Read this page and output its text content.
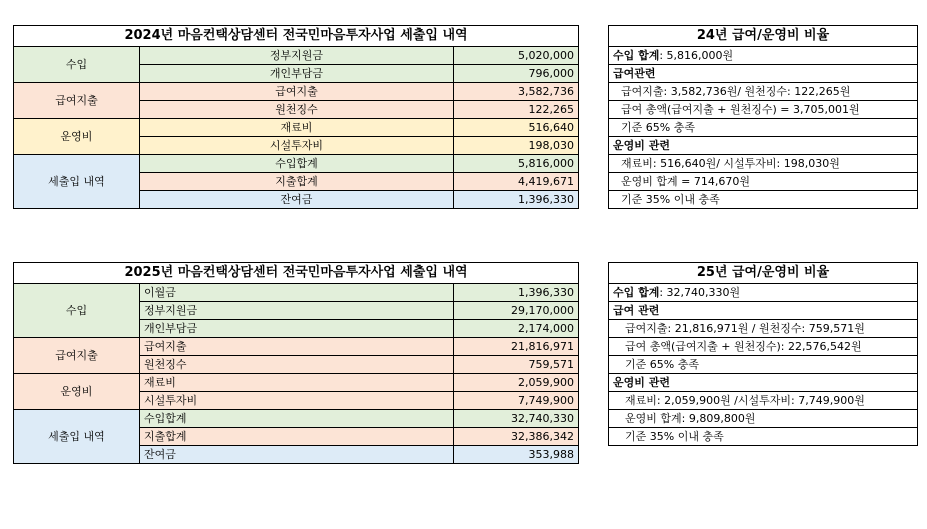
2024년 마음컨택상담센터 전국민마음투자사업 세출입 내역		
수입	정부지원금	5,020,000
	개인부담금	796,000
급여지출	급여지출	3,582,736
	원천징수	122,265
운영비	재료비	516,640
	시설투자비	198,030
세출입 내역	수입합계	5,816,000
	지출합계	4,419,671
	잔여금	1,396,330
24년 급여/운영비 비율
수입 합계: 5,816,000원
급여관련
급여지출: 3,582,736원/ 원천징수: 122,265원
급여 총액(급여지출 + 원천징수) = 3,705,001원
기준 65% 충족
운영비 관련
재료비: 516,640원/ 시설투자비: 198,030원
운영비 합계 = 714,670원
기준 35% 이내 충족
2025년 마음컨택상담센터 전국민마음투자사업 세출입 내역		
수입	이월금	1,396,330
	정부지원금	29,170,000
	개인부담금	2,174,000
급여지출	급여지출	21,816,971
	원천징수	759,571
운영비	재료비	2,059,900
	시설투자비	7,749,900
세출입 내역	수입합계	32,740,330
	지출합계	32,386,342
	잔여금	353,988
25년 급여/운영비 비율
수입 합계: 32,740,330원
급여 관련
급여지출: 21,816,971원 / 원천징수: 759,571원
급여 총액(급여지출 + 원천징수): 22,576,542원
기준 65% 충족
운영비 관련
재료비: 2,059,900원 /시설투자비: 7,749,900원
운영비 합계: 9,809,800원
기준 35% 이내 충족
